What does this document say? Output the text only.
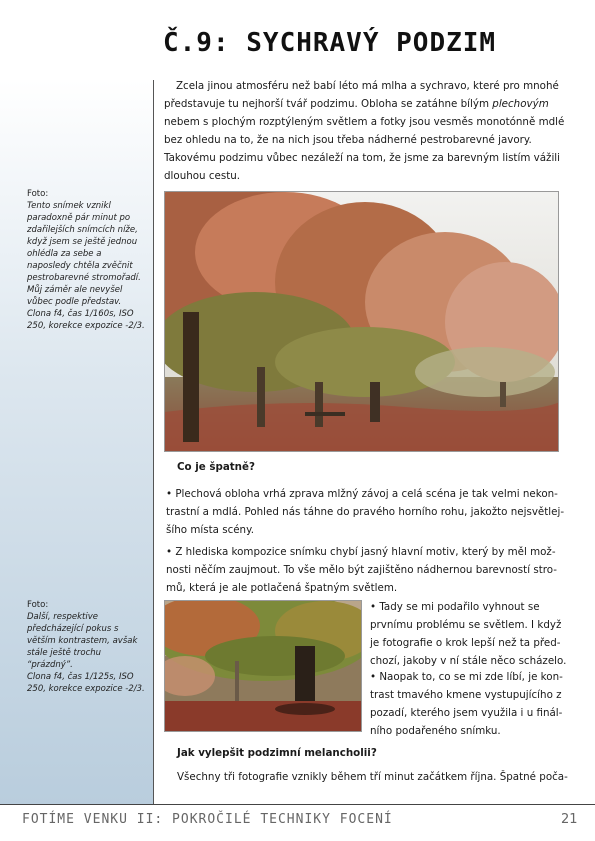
Č.9: SYCHRAVÝ PODZIM

Foto:

Tento snímek vznikl paradoxně pár minut po zdařilejších snímcích níže, když jsem se ještě jednou ohlédla za sebe a naposledy chtěla zvěčnit pestrobarevné stromořadí. Můj záměr ale nevyšel vůbec podle představ.

Clona f4, čas 1/160s, ISO 250, korekce expozice -2/3.

Foto:

Další, respektive předcházející pokus s větším kontrastem, avšak stále ještě trochu “prázdný”.

Clona f4, čas 1/125s, ISO 250, korekce expozice -2/3.

Zcela jinou atmosféru než babí léto má mlha a sychravo, které pro mnohé představuje tu nejhorší tvář podzimu. Obloha se zatáhne bílým plechovým nebem s plochým rozptýleným světlem a fotky jsou vesměs monotónně mdlé bez ohledu na to, že na nich jsou třeba nádherné pestrobarevné javory. Takovému podzimu vůbec nezáleží na tom, že jsme za barevným listím vážili dlouhou cestu.

Co je špatně?

• Plechová obloha vrhá zprava mlžný závoj a celá scéna je tak velmi nekon-trastní a mdlá. Pohled nás táhne do pravého horního rohu, jakožto nejsvětlej-šího místa scény.

• Z hlediska kompozice snímku chybí jasný hlavní motiv, který by měl mož-nosti něčím zaujmout. To vše mělo být zajištěno nádhernou barevností stro-mů, která je ale potlačená špatným světlem.

• Tady se mi podařilo vyhnout se prvnímu problému se světlem. I když je fotografie o krok lepší než ta před-chozí, jakoby v ní stále něco scházelo.

• Naopak to, co se mi zde líbí, je kon-trast tmavého kmene vystupujícího z pozadí, kterého jsem využila i u finál-ního podařeného snímku.

Jak vylepšit podzimní melancholii?

Všechny tři fotografie vznikly během tří minut začátkem října. Špatné poča-

FOTÍME VENKU II: POKROČILÉ TECHNIKY FOCENÍ	21
